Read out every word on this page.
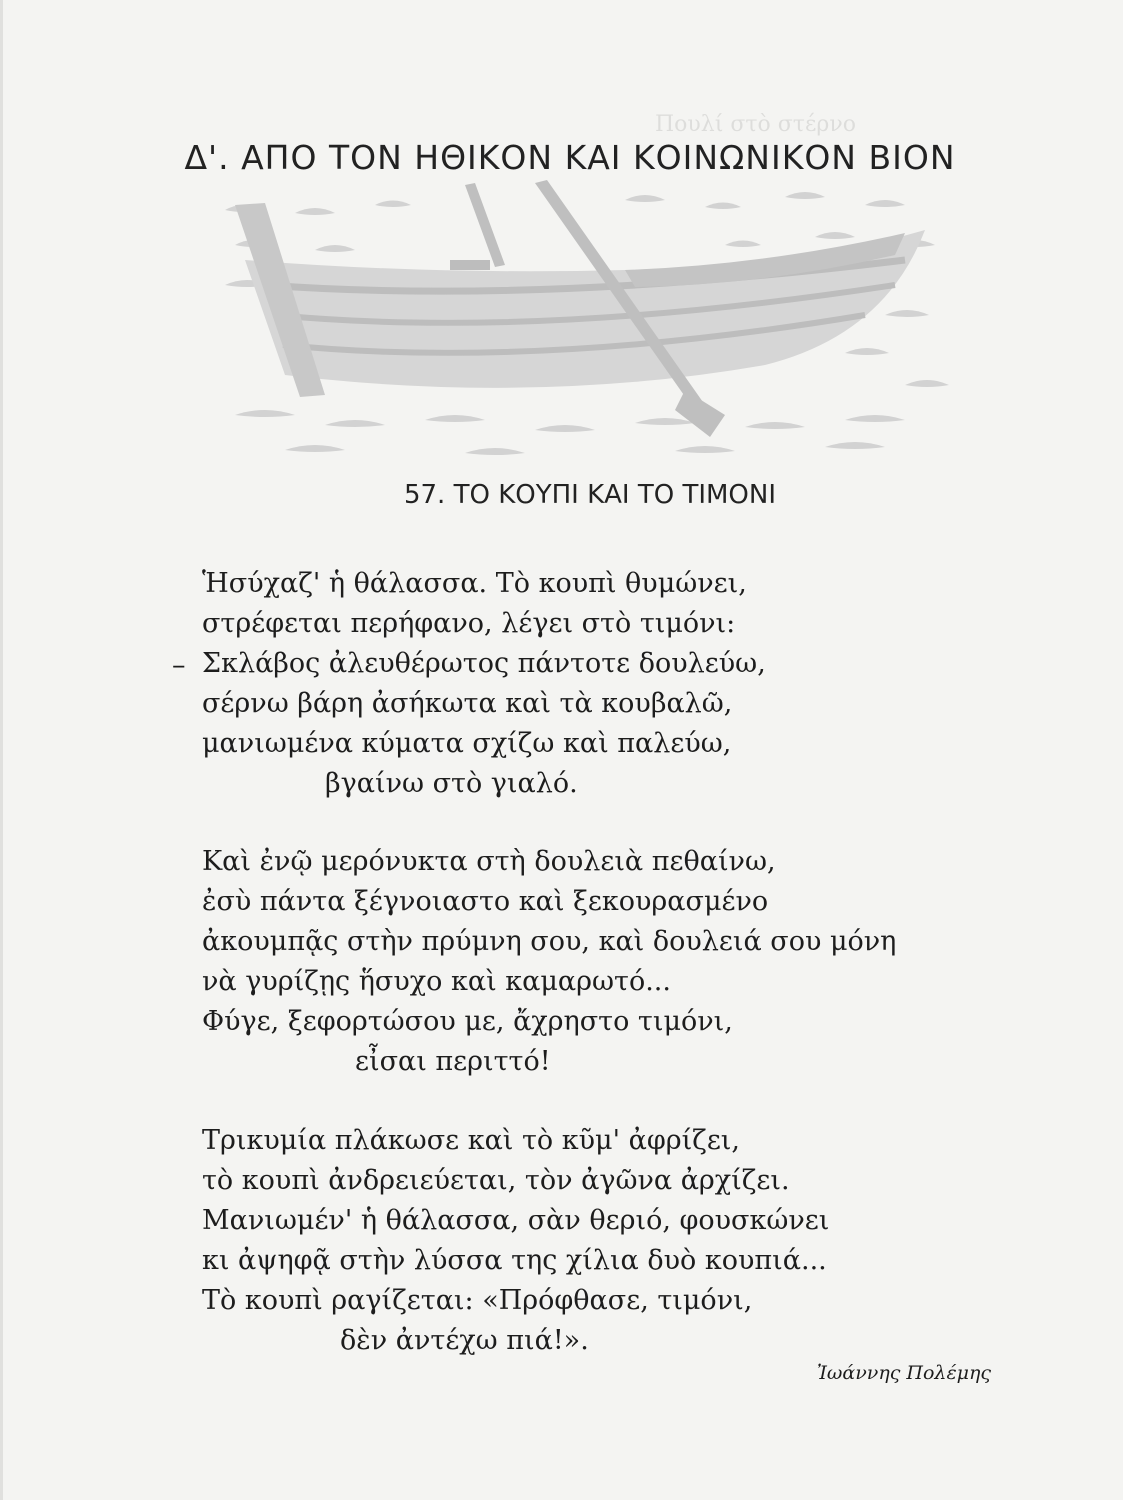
Πουλί στὸ στέρνο
Δ'. ΑΠΟ ΤΟΝ ΗΘΙΚΟΝ ΚΑΙ ΚΟΙΝΩΝΙΚΟΝ ΒΙΟΝ
57. ΤΟ ΚΟΥΠΙ ΚΑΙ ΤΟ ΤΙΜΟΝΙ
Ἡσύχαζ' ἡ θάλασσα. Τὸ κουπὶ θυμώνει,
στρέφεται περήφανο, λέγει στὸ τιμόνι:
– Σκλάβος ἀλευθέρωτος πάντοτε δουλεύω,
σέρνω βάρη ἀσήκωτα καὶ τὰ κουβαλῶ,
μανιωμένα κύματα σχίζω καὶ παλεύω,
βγαίνω στὸ γιαλό.
Καὶ ἐνῷ μερόνυκτα στὴ δουλειὰ πεθαίνω,
ἐσὺ πάντα ξέγνοιαστο καὶ ξεκουρασμένο
ἀκουμπᾷς στὴν πρύμνη σου, καὶ δουλειά σου μόνη
νὰ γυρίζῃς ἥσυχο καὶ καμαρωτό...
Φύγε, ξεφορτώσου με, ἄχρηστο τιμόνι,
εἶσαι περιττό!
Τρικυμία πλάκωσε καὶ τὸ κῦμ' ἀφρίζει,
τὸ κουπὶ ἀνδρειεύεται, τὸν ἀγῶνα ἀρχίζει.
Μανιωμέν' ἡ θάλασσα, σὰν θεριό, φουσκώνει
κι ἀψηφᾷ στὴν λύσσα της χίλια δυὸ κουπιά...
Τὸ κουπὶ ραγίζεται: «Πρόφθασε, τιμόνι,
δὲν ἀντέχω πιά!».
Ἰωάννης Πολέμης
